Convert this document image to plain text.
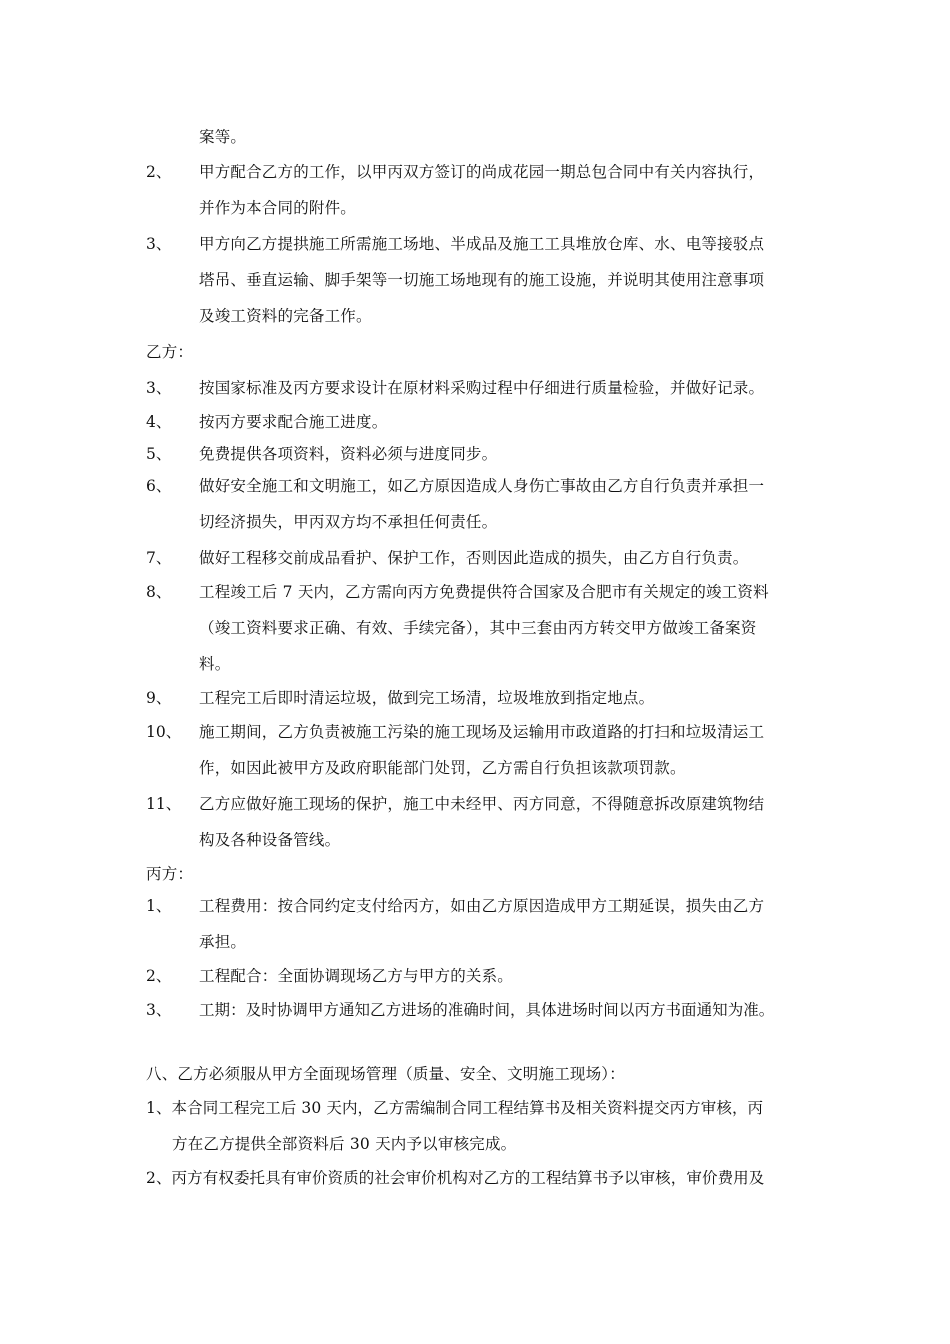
案等。
2、 甲方配合乙方的工作，以甲丙双方签订的尚成花园一期总包合同中有关内容执行，
并作为本合同的附件。
3、 甲方向乙方提拱施工所需施工场地、半成品及施工工具堆放仓库、水、电等接驳点
塔吊、垂直运输、脚手架等一切施工场地现有的施工设施，并说明其使用注意事项
及竣工资料的完备工作。
乙方：
3、 按国家标准及丙方要求设计在原材料采购过程中仔细进行质量检验，并做好记录。
4、 按丙方要求配合施工进度。
5、 免费提供各项资料，资料必须与进度同步。
6、 做好安全施工和文明施工，如乙方原因造成人身伤亡事故由乙方自行负责并承担一
切经济损失，甲丙双方均不承担任何责任。
7、 做好工程移交前成品看护、保护工作，否则因此造成的损失，由乙方自行负责。
8、 工程竣工后 7 天内，乙方需向丙方免费提供符合国家及合肥市有关规定的竣工资料
（竣工资料要求正确、有效、手续完备），其中三套由丙方转交甲方做竣工备案资
料。
9、 工程完工后即时清运垃圾，做到完工场清，垃圾堆放到指定地点。
10、 施工期间，乙方负责被施工污染的施工现场及运输用市政道路的打扫和垃圾清运工
作，如因此被甲方及政府职能部门处罚，乙方需自行负担该款项罚款。
11、 乙方应做好施工现场的保护，施工中未经甲、丙方同意，不得随意拆改原建筑物结
构及各种设备管线。
丙方：
1、 工程费用：按合同约定支付给丙方，如由乙方原因造成甲方工期延误，损失由乙方
承担。
2、 工程配合：全面协调现场乙方与甲方的关系。
3、 工期：及时协调甲方通知乙方进场的准确时间，具体进场时间以丙方书面通知为准。
八、乙方必须服从甲方全面现场管理（质量、安全、文明施工现场）：
1、本合同工程完工后 30 天内，乙方需编制合同工程结算书及相关资料提交丙方审核，丙
方在乙方提供全部资料后 30 天内予以审核完成。
2、丙方有权委托具有审价资质的社会审价机构对乙方的工程结算书予以审核，审价费用及
